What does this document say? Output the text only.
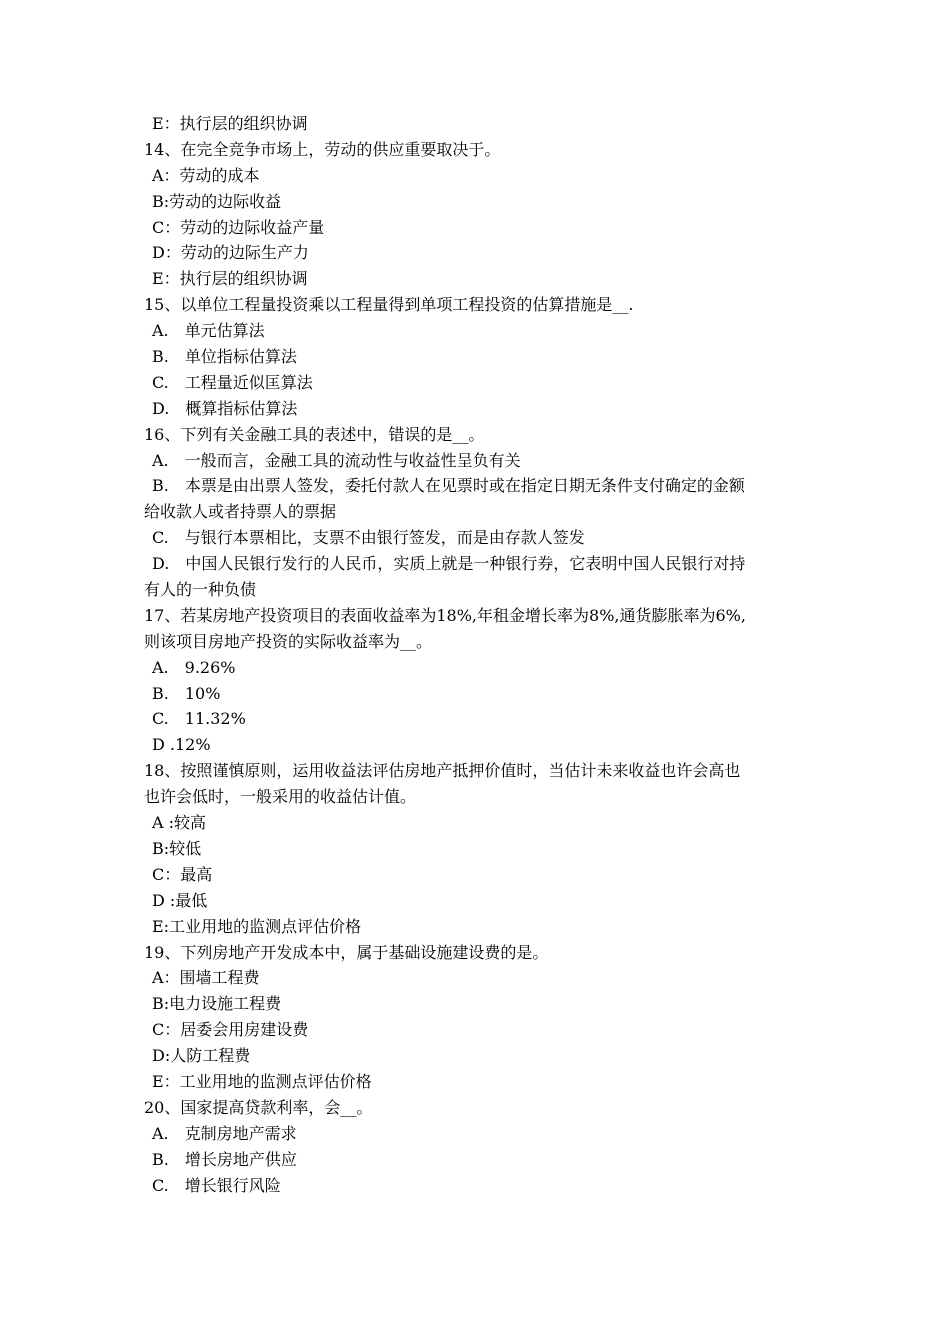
E：执行层的组织协调
14、在完全竞争市场上，劳动的供应重要取决于。
A：劳动的成本
B:劳动的边际收益
C：劳动的边际收益产量
D：劳动的边际生产力
E：执行层的组织协调
15、以单位工程量投资乘以工程量得到单项工程投资的估算措施是__.
A.　单元估算法
B.　单位指标估算法
C.　工程量近似匡算法
D.　概算指标估算法
16、下列有关金融工具的表述中，错误的是__。
A.　一般而言，金融工具的流动性与收益性呈负有关
B.　本票是由出票人签发，委托付款人在见票时或在指定日期无条件支付确定的金额
给收款人或者持票人的票据
C.　与银行本票相比，支票不由银行签发，而是由存款人签发
D.　中国人民银行发行的人民币，实质上就是一种银行券，它表明中国人民银行对持
有人的一种负债
17、若某房地产投资项目的表面收益率为18%,年租金增长率为8%,通货膨胀率为6%,
则该项目房地产投资的实际收益率为__。
A.　9.26%
B.　10%
C.　11.32%
D .12%
18、按照谨慎原则，运用收益法评估房地产抵押价值时，当估计未来收益也许会高也
也许会低时，一般采用的收益估计值。
A :较高
B:较低
C：最高
D :最低
E:工业用地的监测点评估价格
19、下列房地产开发成本中，属于基础设施建设费的是。
A：围墙工程费
B:电力设施工程费
C：居委会用房建设费
D:人防工程费
E：工业用地的监测点评估价格
20、国家提高贷款利率，会__。
A.　克制房地产需求
B.　增长房地产供应
C.　增长银行风险
